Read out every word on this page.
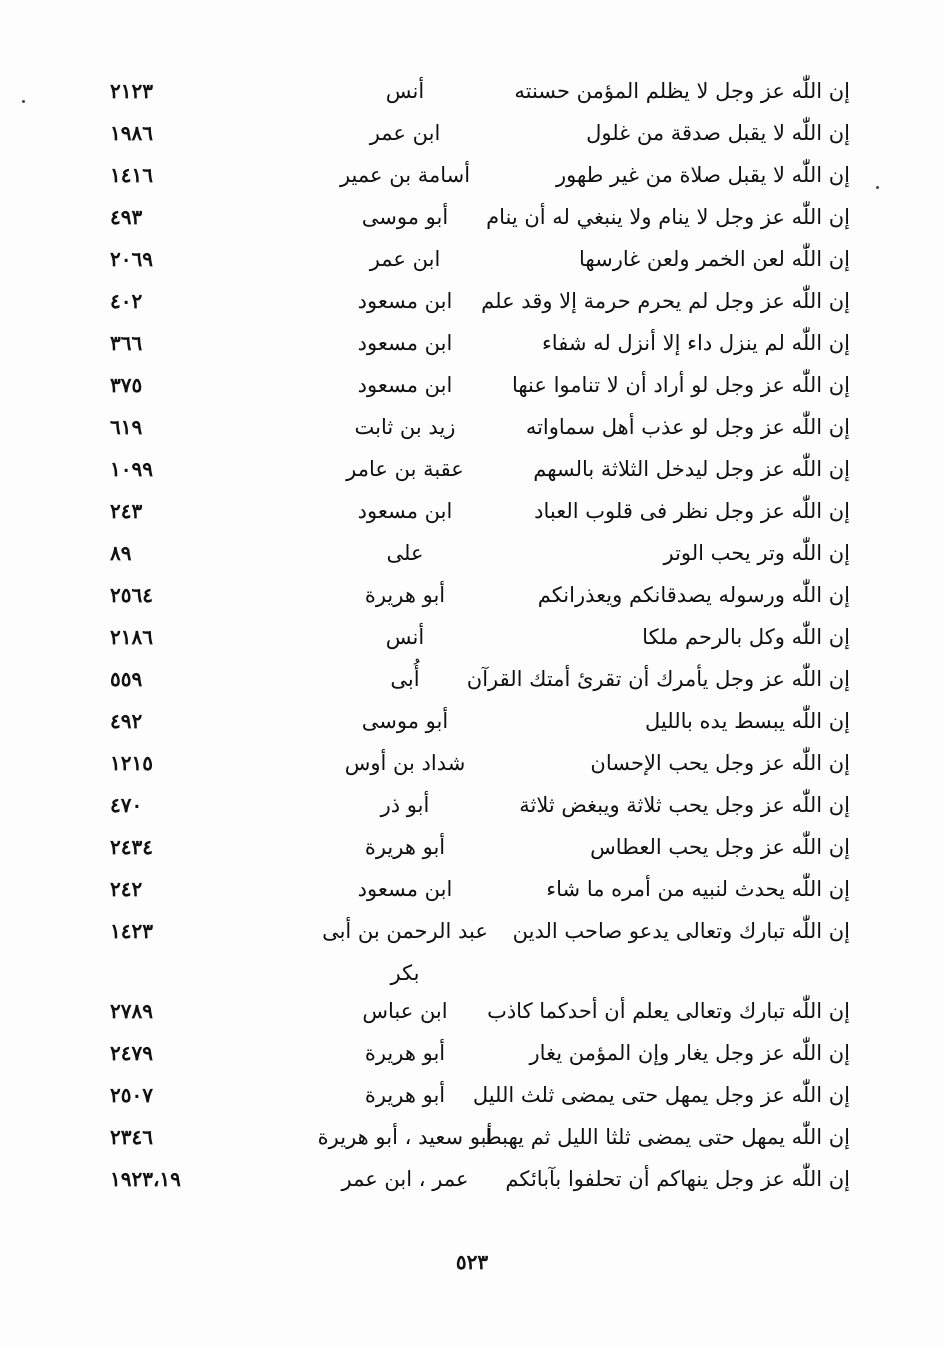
إن اللّٰه عز وجل لا يظلم المؤمن حسنته
أنس
٢١٢٣
إن اللّٰه لا يقبل صدقة من غلول
ابن عمر
١٩٨٦
إن اللّٰه لا يقبل صلاة من غير طهور
أسامة بن عمير
١٤١٦
إن اللّٰه عز وجل لا ينام ولا ينبغي له أن ينام
أبو موسى
٤٩٣
إن اللّٰه لعن الخمر ولعن غارسها
ابن عمر
٢٠٦٩
إن اللّٰه عز وجل لم يحرم حرمة إلا وقد علم
ابن مسعود
٤٠٢
إن اللّٰه لم ينزل داء إلا أنزل له شفاء
ابن مسعود
٣٦٦
إن اللّٰه عز وجل لو أراد أن لا تناموا عنها
ابن مسعود
٣٧٥
إن اللّٰه عز وجل لو عذب أهل سماواته
زيد بن ثابت
٦١٩
إن اللّٰه عز وجل ليدخل الثلاثة بالسهم
عقبة بن عامر
١٠٩٩
إن اللّٰه عز وجل نظر فى قلوب العباد
ابن مسعود
٢٤٣
إن اللّٰه وتر يحب الوتر
على
٨٩
إن اللّٰه ورسوله يصدقانكم ويعذرانكم
أبو هريرة
٢٥٦٤
إن اللّٰه وكل بالرحم ملكا
أنس
٢١٨٦
إن اللّٰه عز وجل يأمرك أن تقرئ أمتك القرآن
أُبى
٥٥٩
إن اللّٰه يبسط يده بالليل
أبو موسى
٤٩٢
إن اللّٰه عز وجل يحب الإحسان
شداد بن أوس
١٢١٥
إن اللّٰه عز وجل يحب ثلاثة ويبغض ثلاثة
أبو ذر
٤٧٠
إن اللّٰه عز وجل يحب العطاس
أبو هريرة
٢٤٣٤
إن اللّٰه يحدث لنبيه من أمره ما شاء
ابن مسعود
٢٤٢
إن اللّٰه تبارك وتعالى يدعو صاحب الدين
عبد الرحمن بن أبى
١٤٢٣
بكر
إن اللّٰه تبارك وتعالى يعلم أن أحدكما كاذب
ابن عباس
٢٧٨٩
إن اللّٰه عز وجل يغار وإن المؤمن يغار
أبو هريرة
٢٤٧٩
إن اللّٰه عز وجل يمهل حتى يمضى ثلث الليل
أبو هريرة
٢٥٠٧
إن اللّٰه يمهل حتى يمضى ثلثا الليل ثم يهبط
أبو سعيد ، أبو هريرة
٢٣٤٦
إن اللّٰه عز وجل ينهاكم أن تحلفوا بآبائكم
عمر ، ابن عمر
١٩٢٣،١٩
٥٢٣
